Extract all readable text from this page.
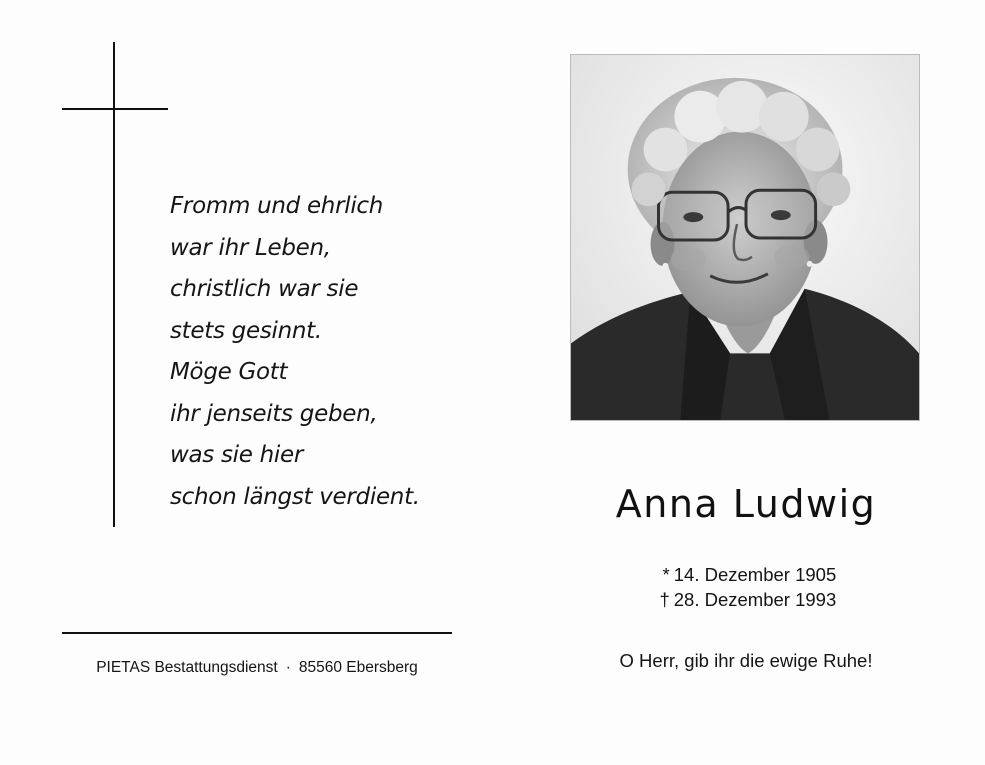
Fromm und ehrlich
war ihr Leben,
christlich war sie
stets gesinnt.
Möge Gott
ihr jenseits geben,
was sie hier
schon längst verdient.
PIETAS Bestattungsdienst · 85560 Ebersberg
Anna Ludwig
* 14. Dezember 1905
† 28. Dezember 1993
O Herr, gib ihr die ewige Ruhe!
